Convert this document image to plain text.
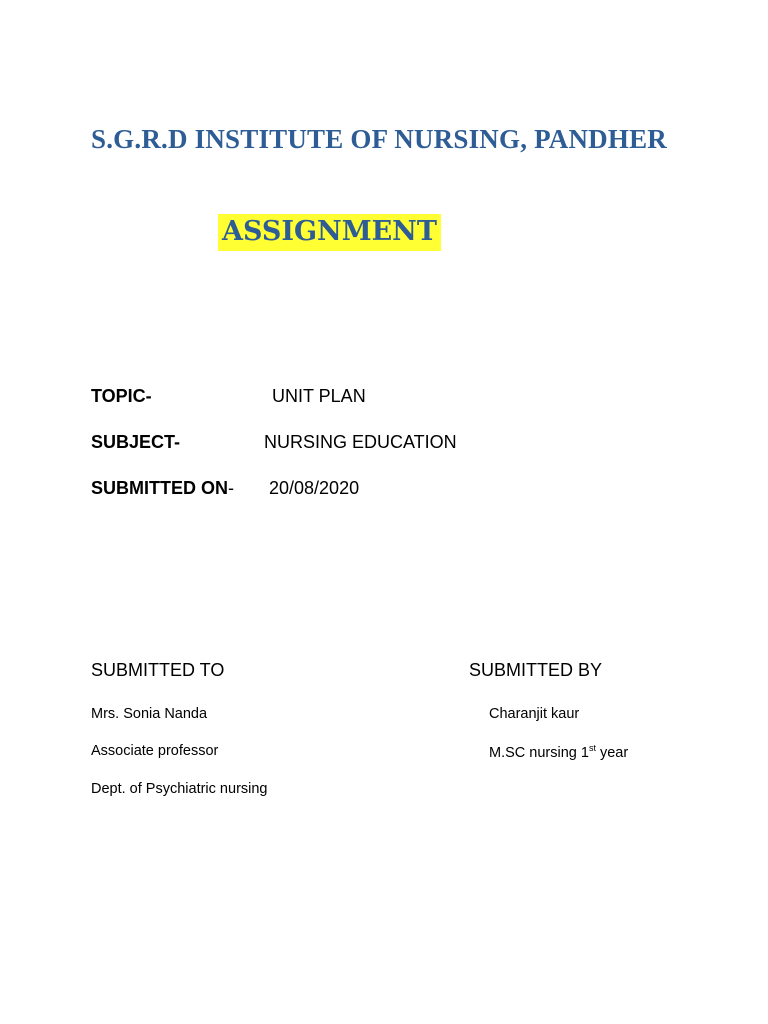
S.G.R.D INSTITUTE OF NURSING, PANDHER
ASSIGNMENT
TOPIC-	UNIT PLAN
SUBJECT-	NURSING EDUCATION
SUBMITTED ON- 20/08/2020
SUBMITTED TO
Mrs. Sonia Nanda
Associate professor
Dept. of Psychiatric nursing
SUBMITTED BY
Charanjit kaur
M.SC nursing 1st year
